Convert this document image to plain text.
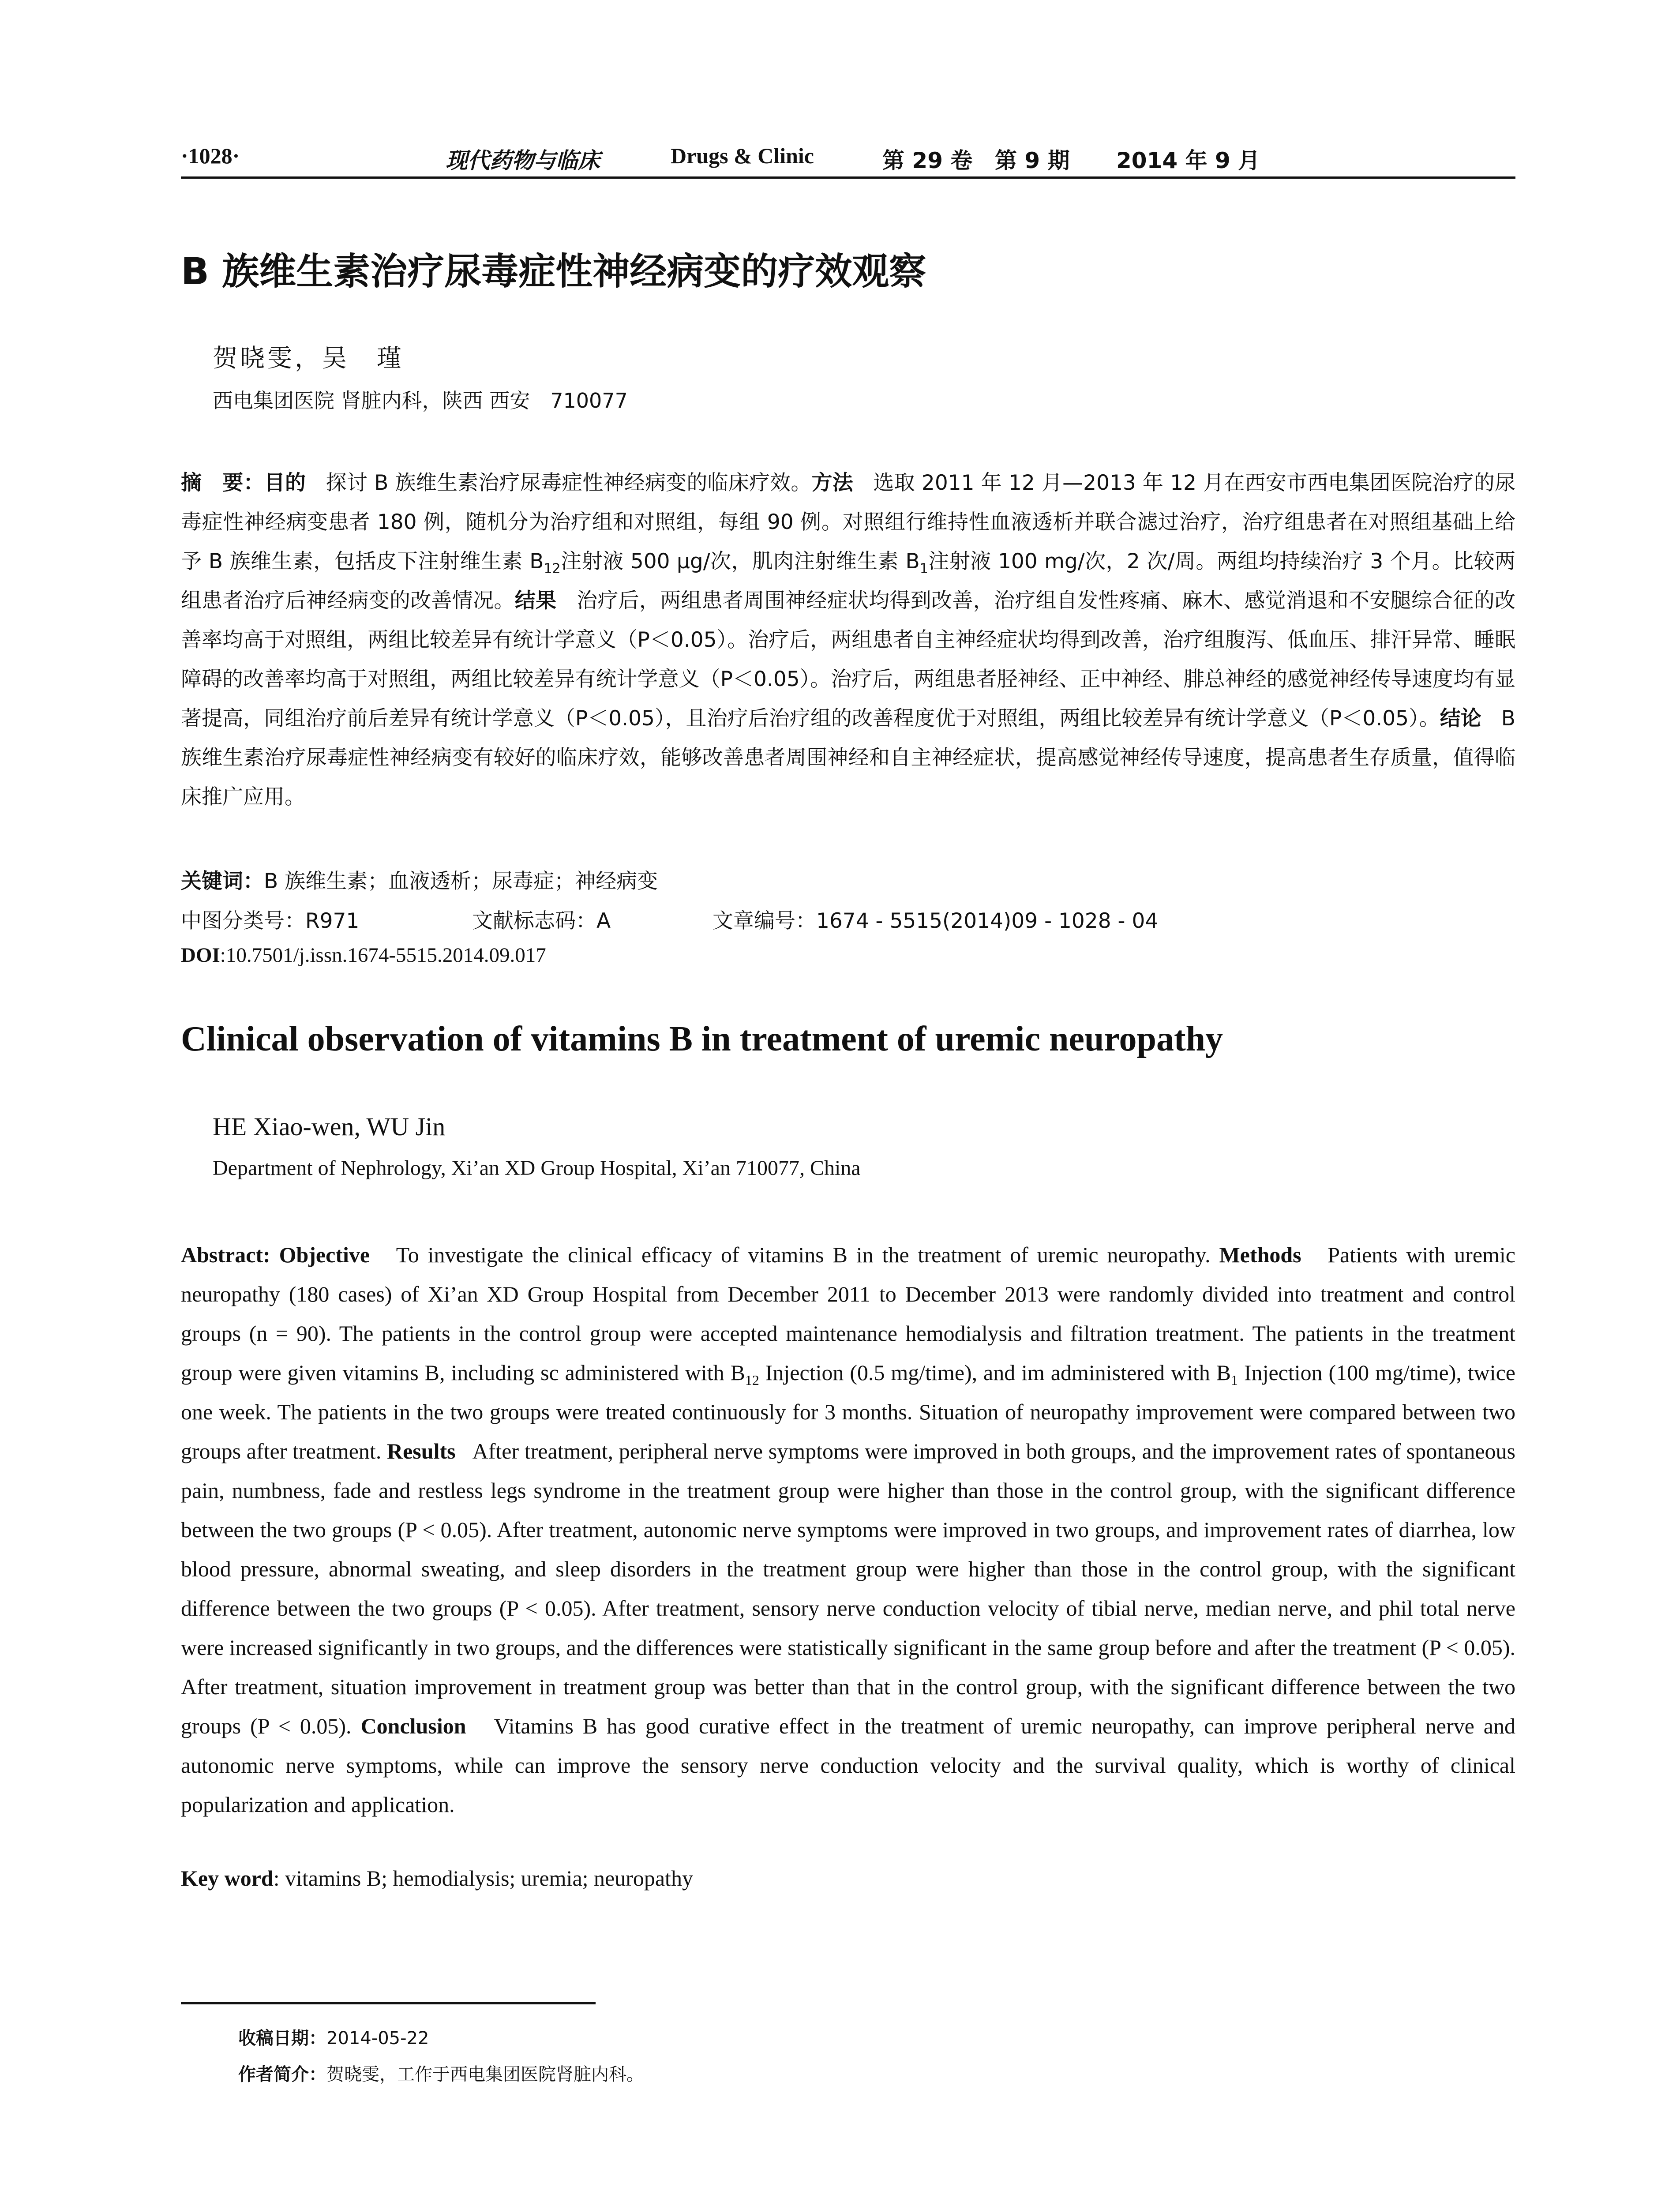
·1028·	现代药物与临床	Drugs & Clinic	第 29 卷 第 9 期 2014 年 9 月
B 族维生素治疗尿毒症性神经病变的疗效观察
贺晓雯，吴　瑾
西电集团医院 肾脏内科，陕西 西安　710077
摘　要：目的 探讨 B 族维生素治疗尿毒症性神经病变的临床疗效。方法 选取 2011 年 12 月—2013 年 12 月在西安市西电集团医院治疗的尿毒症性神经病变患者 180 例，随机分为治疗组和对照组，每组 90 例。对照组行维持性血液透析并联合滤过治疗，治疗组患者在对照组基础上给予 B 族维生素，包括皮下注射维生素 $B_{12}$注射液 500 μg/次，肌肉注射维生素 $B_1$注射液 100 mg/次，2 次/周。两组均持续治疗 3 个月。比较两组患者治疗后神经病变的改善情况。结果 治疗后，两组患者周围神经症状均得到改善，治疗组自发性疼痛、麻木、感觉消退和不安腿综合征的改善率均高于对照组，两组比较差异有统计学意义（P＜0.05）。治疗后，两组患者自主神经症状均得到改善，治疗组腹泻、低血压、排汗异常、睡眠障碍的改善率均高于对照组，两组比较差异有统计学意义（P＜0.05）。治疗后，两组患者胫神经、正中神经、腓总神经的感觉神经传导速度均有显著提高，同组治疗前后差异有统计学意义（P＜0.05），且治疗后治疗组的改善程度优于对照组，两组比较差异有统计学意义（P＜0.05）。结论 B 族维生素治疗尿毒症性神经病变有较好的临床疗效，能够改善患者周围神经和自主神经症状，提高感觉神经传导速度，提高患者生存质量，值得临床推广应用。
关键词：B 族维生素；血液透析；尿毒症；神经病变
中图分类号：R971	文献标志码：A	文章编号：1674 - 5515(2014)09 - 1028 - 04
DOI:10.7501/j.issn.1674-5515.2014.09.017
Clinical observation of vitamins B in treatment of uremic neuropathy
HE Xiao-wen, WU Jin
Department of Nephrology, Xi’an XD Group Hospital, Xi’an 710077, China
Abstract: Objective To investigate the clinical efficacy of vitamins B in the treatment of uremic neuropathy. Methods Patients with uremic neuropathy (180 cases) of Xi’an XD Group Hospital from December 2011 to December 2013 were randomly divided into treatment and control groups (n = 90). The patients in the control group were accepted maintenance hemodialysis and filtration treatment. The patients in the treatment group were given vitamins B, including sc administered with $B_{12}$ Injection (0.5 mg/time), and im administered with $B_1$ Injection (100 mg/time), twice one week. The patients in the two groups were treated continuously for 3 months. Situation of neuropathy improvement were compared between two groups after treatment. Results After treatment, peripheral nerve symptoms were improved in both groups, and the improvement rates of spontaneous pain, numbness, fade and restless legs syndrome in the treatment group were higher than those in the control group, with the significant difference between the two groups (P < 0.05). After treatment, autonomic nerve symptoms were improved in two groups, and improvement rates of diarrhea, low blood pressure, abnormal sweating, and sleep disorders in the treatment group were higher than those in the control group, with the significant difference between the two groups (P < 0.05). After treatment, sensory nerve conduction velocity of tibial nerve, median nerve, and phil total nerve were increased significantly in two groups, and the differences were statistically significant in the same group before and after the treatment (P < 0.05). After treatment, situation improvement in treatment group was better than that in the control group, with the significant difference between the two groups (P < 0.05). Conclusion Vitamins B has good curative effect in the treatment of uremic neuropathy, can improve peripheral nerve and autonomic nerve symptoms, while can improve the sensory nerve conduction velocity and the survival quality, which is worthy of clinical popularization and application.
Key word: vitamins B; hemodialysis; uremia; neuropathy
收稿日期：2014-05-22
作者简介：贺晓雯，工作于西电集团医院肾脏内科。
